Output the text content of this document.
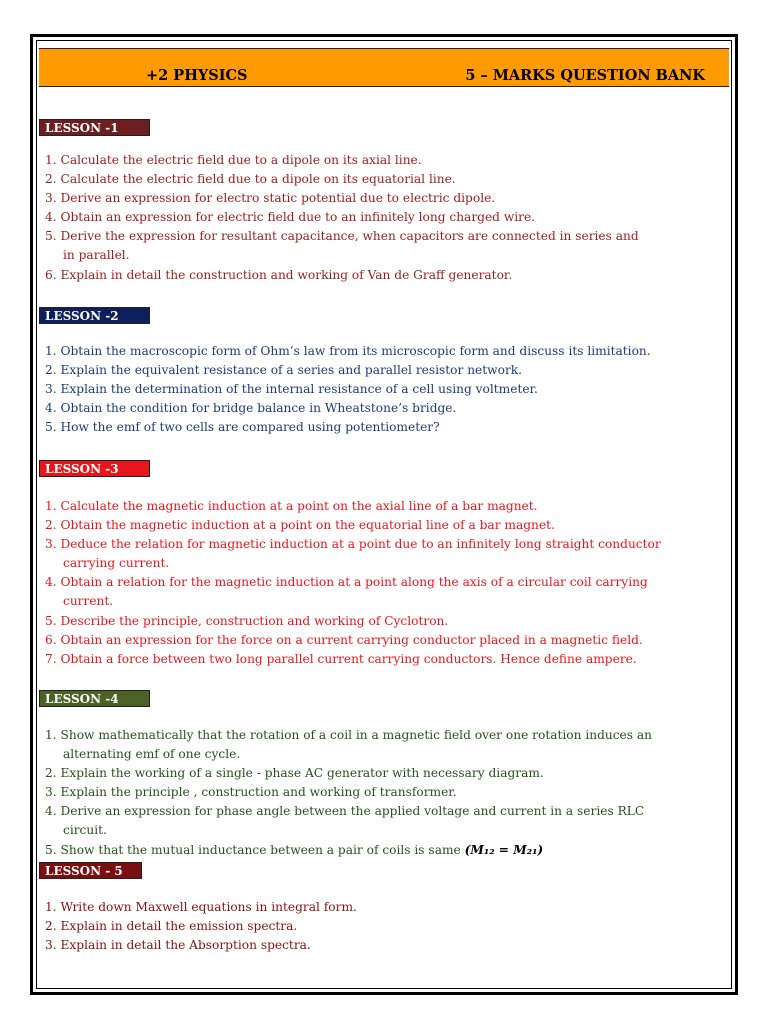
+2 PHYSICS	5 – MARKS QUESTION BANK
LESSON -1
1. Calculate the electric field due to a dipole on its axial line.
2. Calculate the electric field due to a dipole on its equatorial line.
3. Derive an expression for electro static potential due to electric dipole.
4. Obtain an expression for electric field due to an infinitely long charged wire.
5. Derive the expression for resultant capacitance, when capacitors are connected in series and
in parallel.
6. Explain in detail the construction and working of Van de Graff generator.
LESSON -2
1. Obtain the macroscopic form of Ohm’s law from its microscopic form and discuss its limitation.
2. Explain the equivalent resistance of a series and parallel resistor network.
3. Explain the determination of the internal resistance of a cell using voltmeter.
4. Obtain the condition for bridge balance in Wheatstone’s bridge.
5. How the emf of two cells are compared using potentiometer?
LESSON -3
1. Calculate the magnetic induction at a point on the axial line of a bar magnet.
2. Obtain the magnetic induction at a point on the equatorial line of a bar magnet.
3. Deduce the relation for magnetic induction at a point due to an infinitely long straight conductor
carrying current.
4. Obtain a relation for the magnetic induction at a point along the axis of a circular coil carrying
current.
5. Describe the principle, construction and working of Cyclotron.
6. Obtain an expression for the force on a current carrying conductor placed in a magnetic field.
7. Obtain a force between two long parallel current carrying conductors. Hence define ampere.
LESSON -4
1. Show mathematically that the rotation of a coil in a magnetic field over one rotation induces an
alternating emf of one cycle.
2. Explain the working of a single - phase AC generator with necessary diagram.
3. Explain the principle , construction and working of transformer.
4. Derive an expression for phase angle between the applied voltage and current in a series RLC
circuit.
5. Show that the mutual inductance between a pair of coils is same (M₁₂ = M₂₁)
LESSON - 5
1. Write down Maxwell equations in integral form.
2. Explain in detail the emission spectra.
3. Explain in detail the Absorption spectra.
